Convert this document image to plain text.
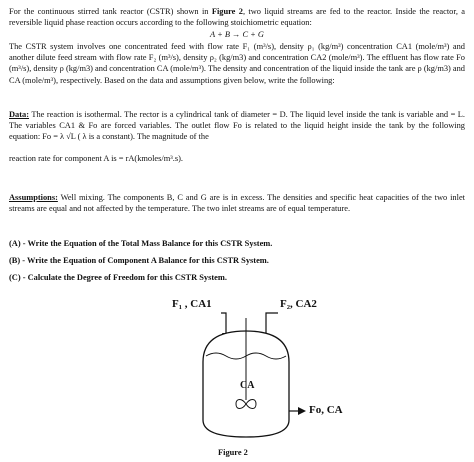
For the continuous stirred tank reactor (CSTR) shown in Figure 2, two liquid streams are fed to the reactor. Inside the reactor, a reversible liquid phase reaction occurs according to the following stoichiometric equation:
A + B → C + G
The CSTR system involves one concentrated feed with flow rate F₁ (m³/s), density ρ₁ (kg/m³) concentration CA1 (mole/m³) and another dilute feed stream with flow rate F₂ (m³/s), density ρ₂ (kg/m3) and concentration CA2 (mole/m³). The effluent has flow rate Fo (m³/s), density ρ (kg/m3) and concentration CA (mole/m³). The density and concentration of the liquid inside the tank are ρ (kg/m3) and CA (mole/m³), respectively. Based on the data and assumptions given below, write the following:
Data: The reaction is isothermal. The rector is a cylindrical tank of diameter = D. The liquid level inside the tank is variable and = L. The variables CA1 & Fo are forced variables. The outlet flow Fo is related to the liquid height inside the tank by the following equation: Fo = λ √L ( λ is a constant). The magnitude of the
reaction rate for component A is = rA(kmoles/m³.s).
Assumptions: Well mixing. The components B, C and G are is in excess. The densities and specific heat capacities of the two inlet streams are equal and not affected by the temperature. The two inlet streams are of equal temperature.
(A) - Write the Equation of the Total Mass Balance for this CSTR System.
(B) - Write the Equation of Component A Balance for this CSTR System.
(C) - Calculate the Degree of Freedom for this CSTR System.
F₁ , CA1	F₂, CA2
CA
Fo, CA
Figure 2
